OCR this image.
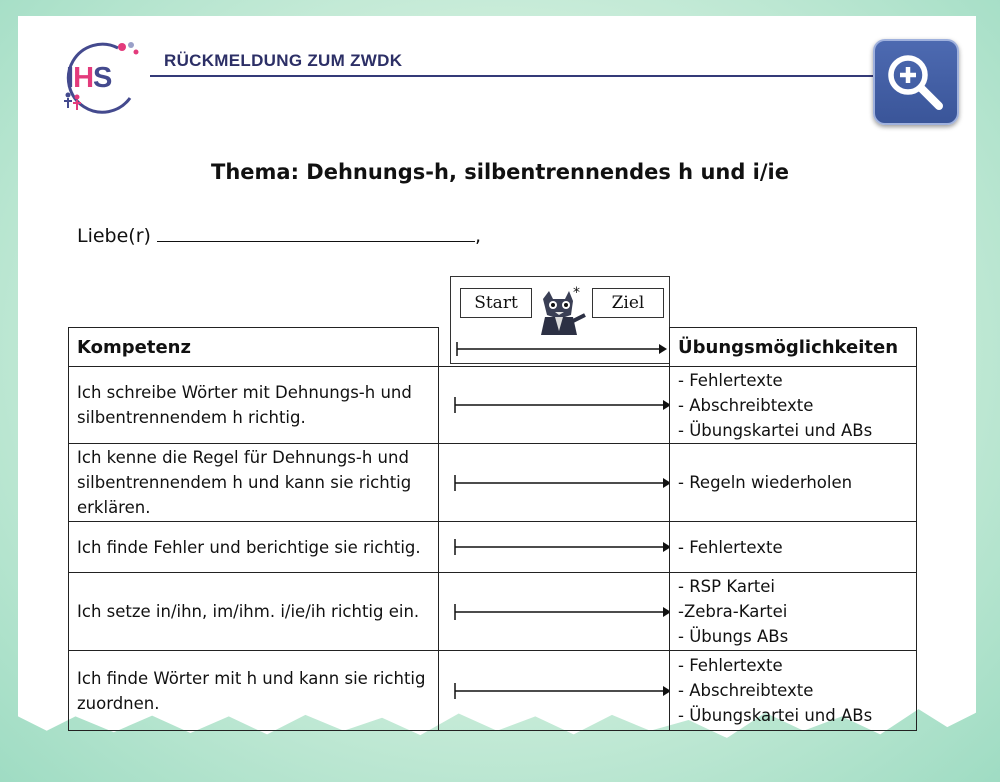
IHS
RÜCKMELDUNG ZUM ZWDK
Thema: Dehnungs-h, silbentrennendes h und i/ie
Liebe(r)	,
Start	Ziel
*
Kompetenz		Übungsmöglichkeiten
Ich schreibe Wörter mit Dehnungs-h und silbentrennendem h richtig.		- Fehlertexte
- Abschreibtexte
- Übungskartei und ABs

Ich kenne die Regel für Dehnungs-h und silbentrennendem h und kann sie richtig erklären.		- Regeln wiederholen

Ich finde Fehler und berichtige sie richtig.		- Fehlertexte

Ich setze in/ihn, im/ihm. i/ie/ih richtig ein.		- RSP Kartei
-Zebra-Kartei
- Übungs ABs

Ich finde Wörter mit h und kann sie richtig zuordnen.		- Fehlertexte
- Abschreibtexte
- Übungskartei und ABs
